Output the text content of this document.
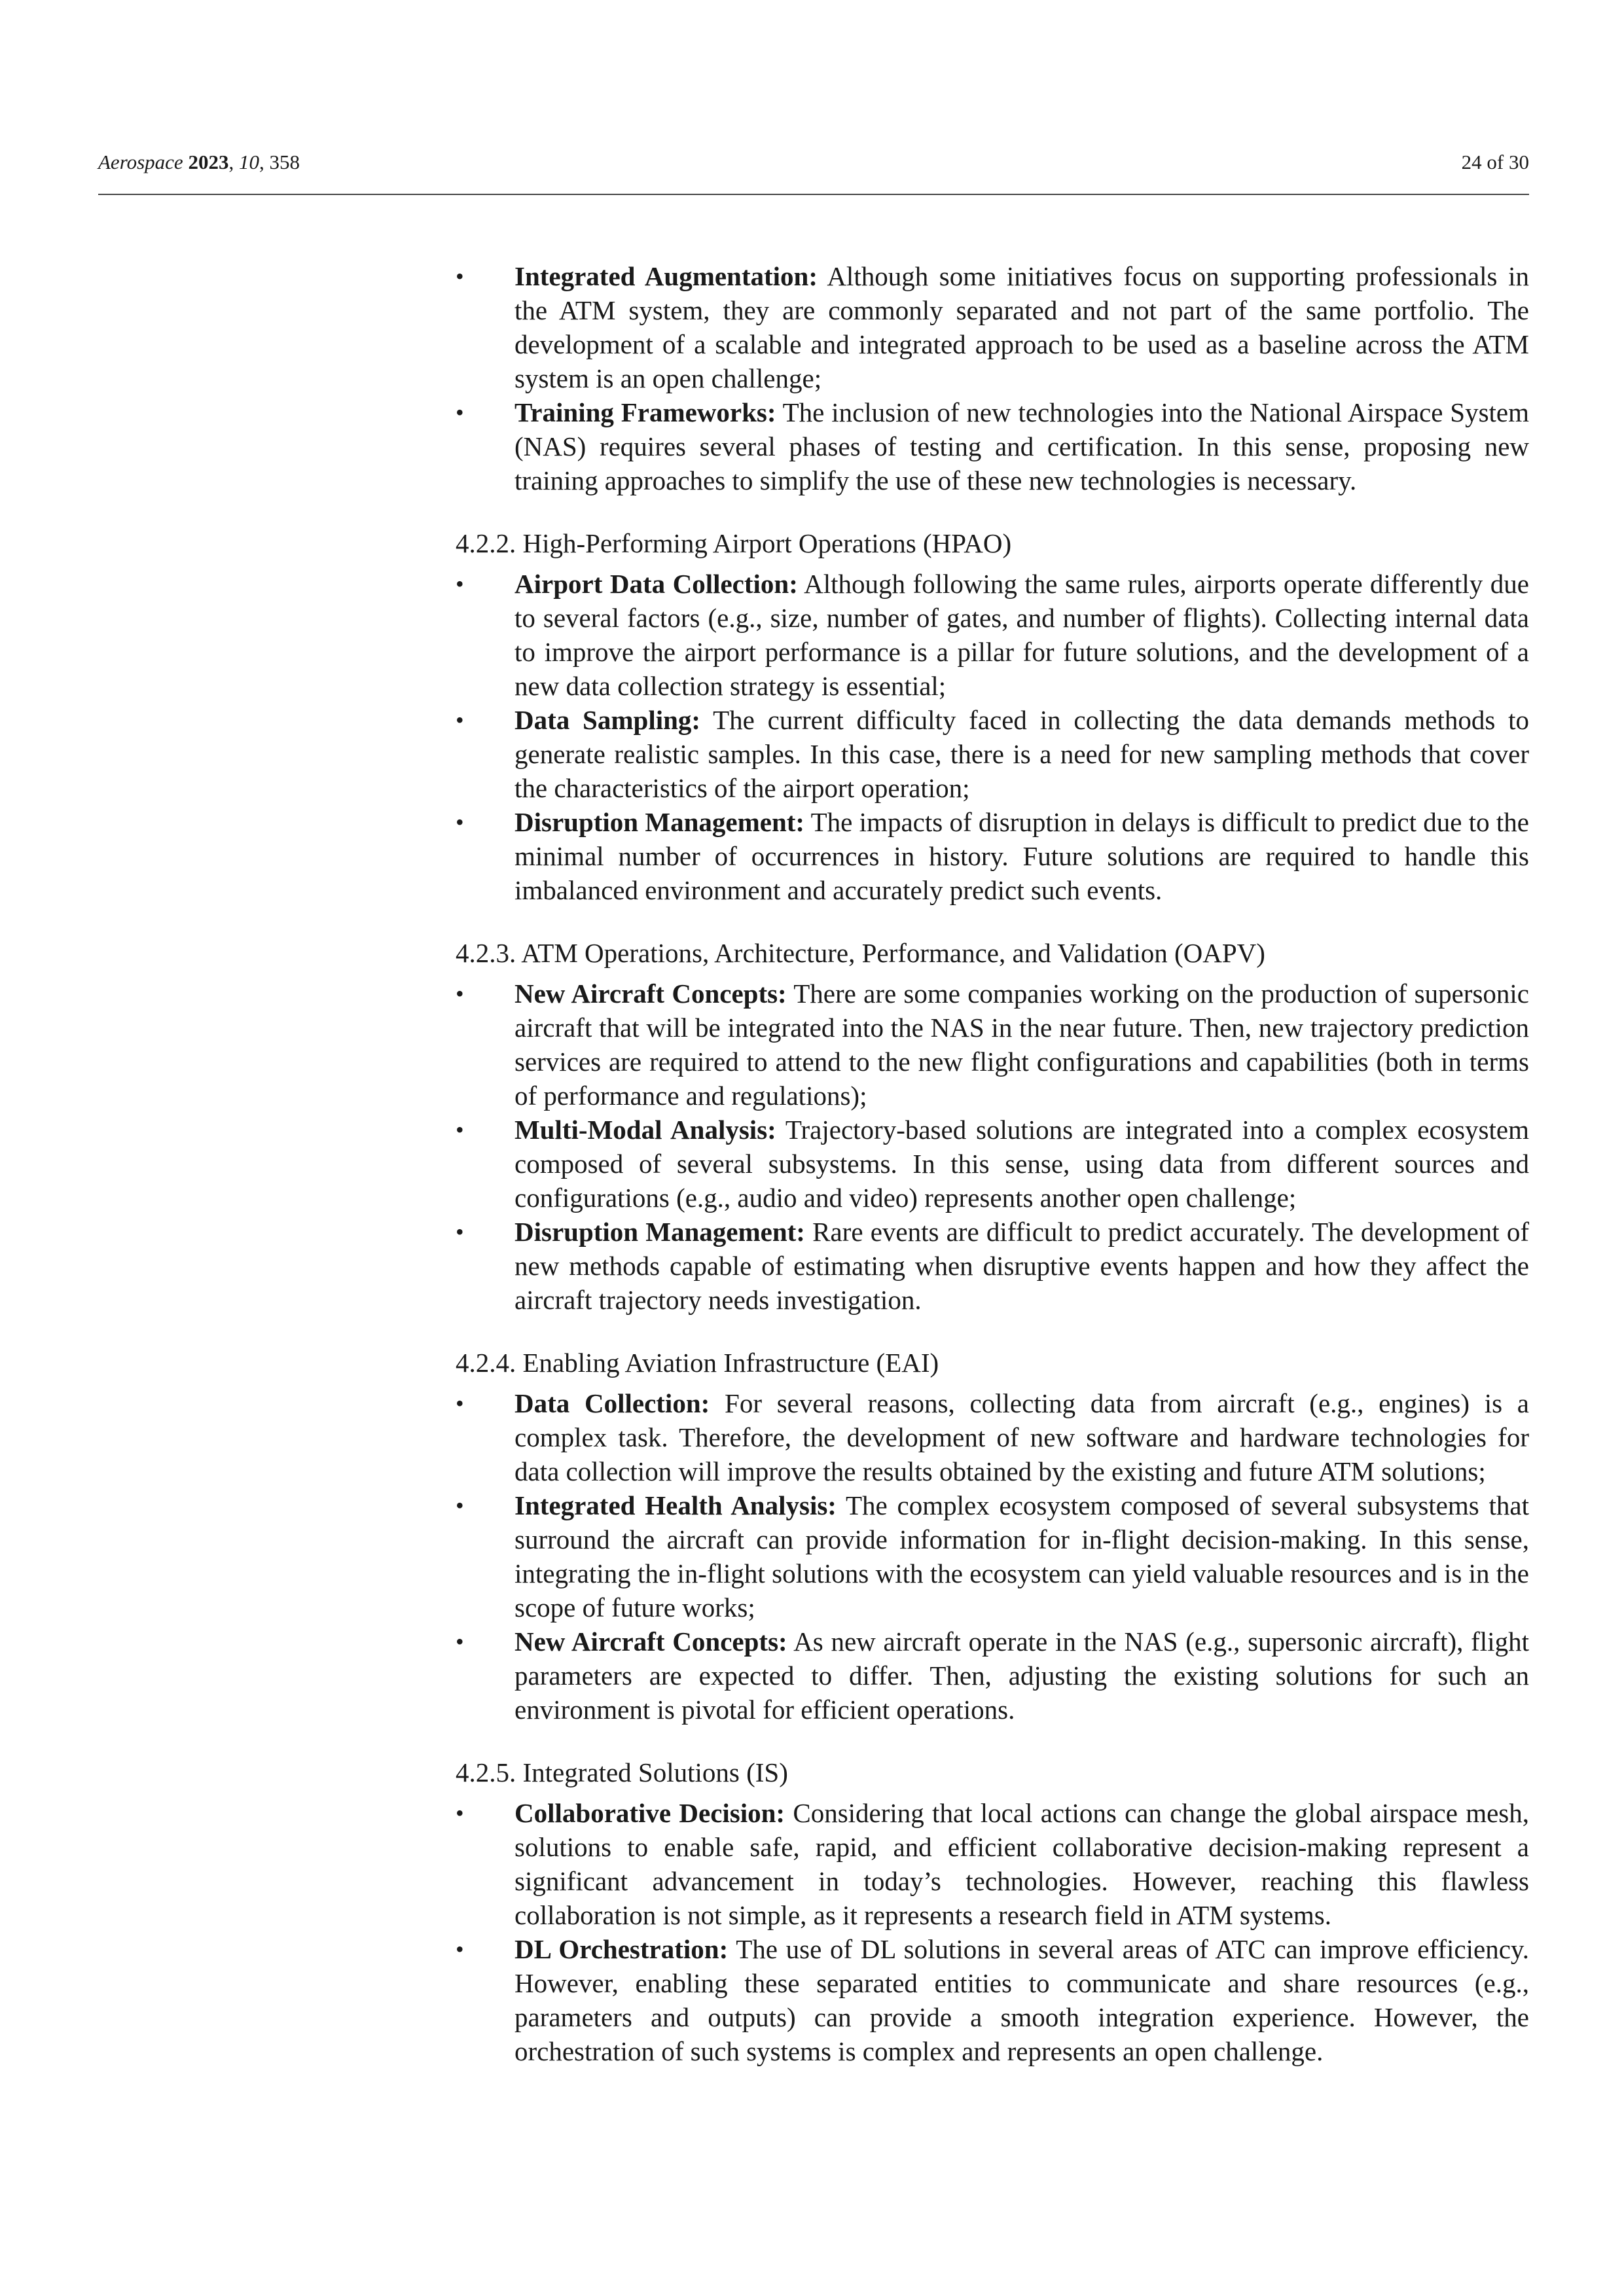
Aerospace 2023, 10, 358	24 of 30
• Integrated Augmentation: Although some initiatives focus on supporting professionals in the ATM system, they are commonly separated and not part of the same portfolio. The development of a scalable and integrated approach to be used as a baseline across the ATM system is an open challenge;
• Training Frameworks: The inclusion of new technologies into the National Airspace System (NAS) requires several phases of testing and certification. In this sense, proposing new training approaches to simplify the use of these new technologies is necessary.
4.2.2. High-Performing Airport Operations (HPAO)
• Airport Data Collection: Although following the same rules, airports operate differently due to several factors (e.g., size, number of gates, and number of flights). Collecting internal data to improve the airport performance is a pillar for future solutions, and the development of a new data collection strategy is essential;
• Data Sampling: The current difficulty faced in collecting the data demands methods to generate realistic samples. In this case, there is a need for new sampling methods that cover the characteristics of the airport operation;
• Disruption Management: The impacts of disruption in delays is difficult to predict due to the minimal number of occurrences in history. Future solutions are required to handle this imbalanced environment and accurately predict such events.
4.2.3. ATM Operations, Architecture, Performance, and Validation (OAPV)
• New Aircraft Concepts: There are some companies working on the production of supersonic aircraft that will be integrated into the NAS in the near future. Then, new trajectory prediction services are required to attend to the new flight configurations and capabilities (both in terms of performance and regulations);
• Multi-Modal Analysis: Trajectory-based solutions are integrated into a complex ecosystem composed of several subsystems. In this sense, using data from different sources and configurations (e.g., audio and video) represents another open challenge;
• Disruption Management: Rare events are difficult to predict accurately. The development of new methods capable of estimating when disruptive events happen and how they affect the aircraft trajectory needs investigation.
4.2.4. Enabling Aviation Infrastructure (EAI)
• Data Collection: For several reasons, collecting data from aircraft (e.g., engines) is a complex task. Therefore, the development of new software and hardware technologies for data collection will improve the results obtained by the existing and future ATM solutions;
• Integrated Health Analysis: The complex ecosystem composed of several subsystems that surround the aircraft can provide information for in-flight decision-making. In this sense, integrating the in-flight solutions with the ecosystem can yield valuable resources and is in the scope of future works;
• New Aircraft Concepts: As new aircraft operate in the NAS (e.g., supersonic aircraft), flight parameters are expected to differ. Then, adjusting the existing solutions for such an environment is pivotal for efficient operations.
4.2.5. Integrated Solutions (IS)
• Collaborative Decision: Considering that local actions can change the global airspace mesh, solutions to enable safe, rapid, and efficient collaborative decision-making represent a significant advancement in today’s technologies. However, reaching this flawless collaboration is not simple, as it represents a research field in ATM systems.
• DL Orchestration: The use of DL solutions in several areas of ATC can improve efficiency. However, enabling these separated entities to communicate and share resources (e.g., parameters and outputs) can provide a smooth integration experience. However, the orchestration of such systems is complex and represents an open challenge.
